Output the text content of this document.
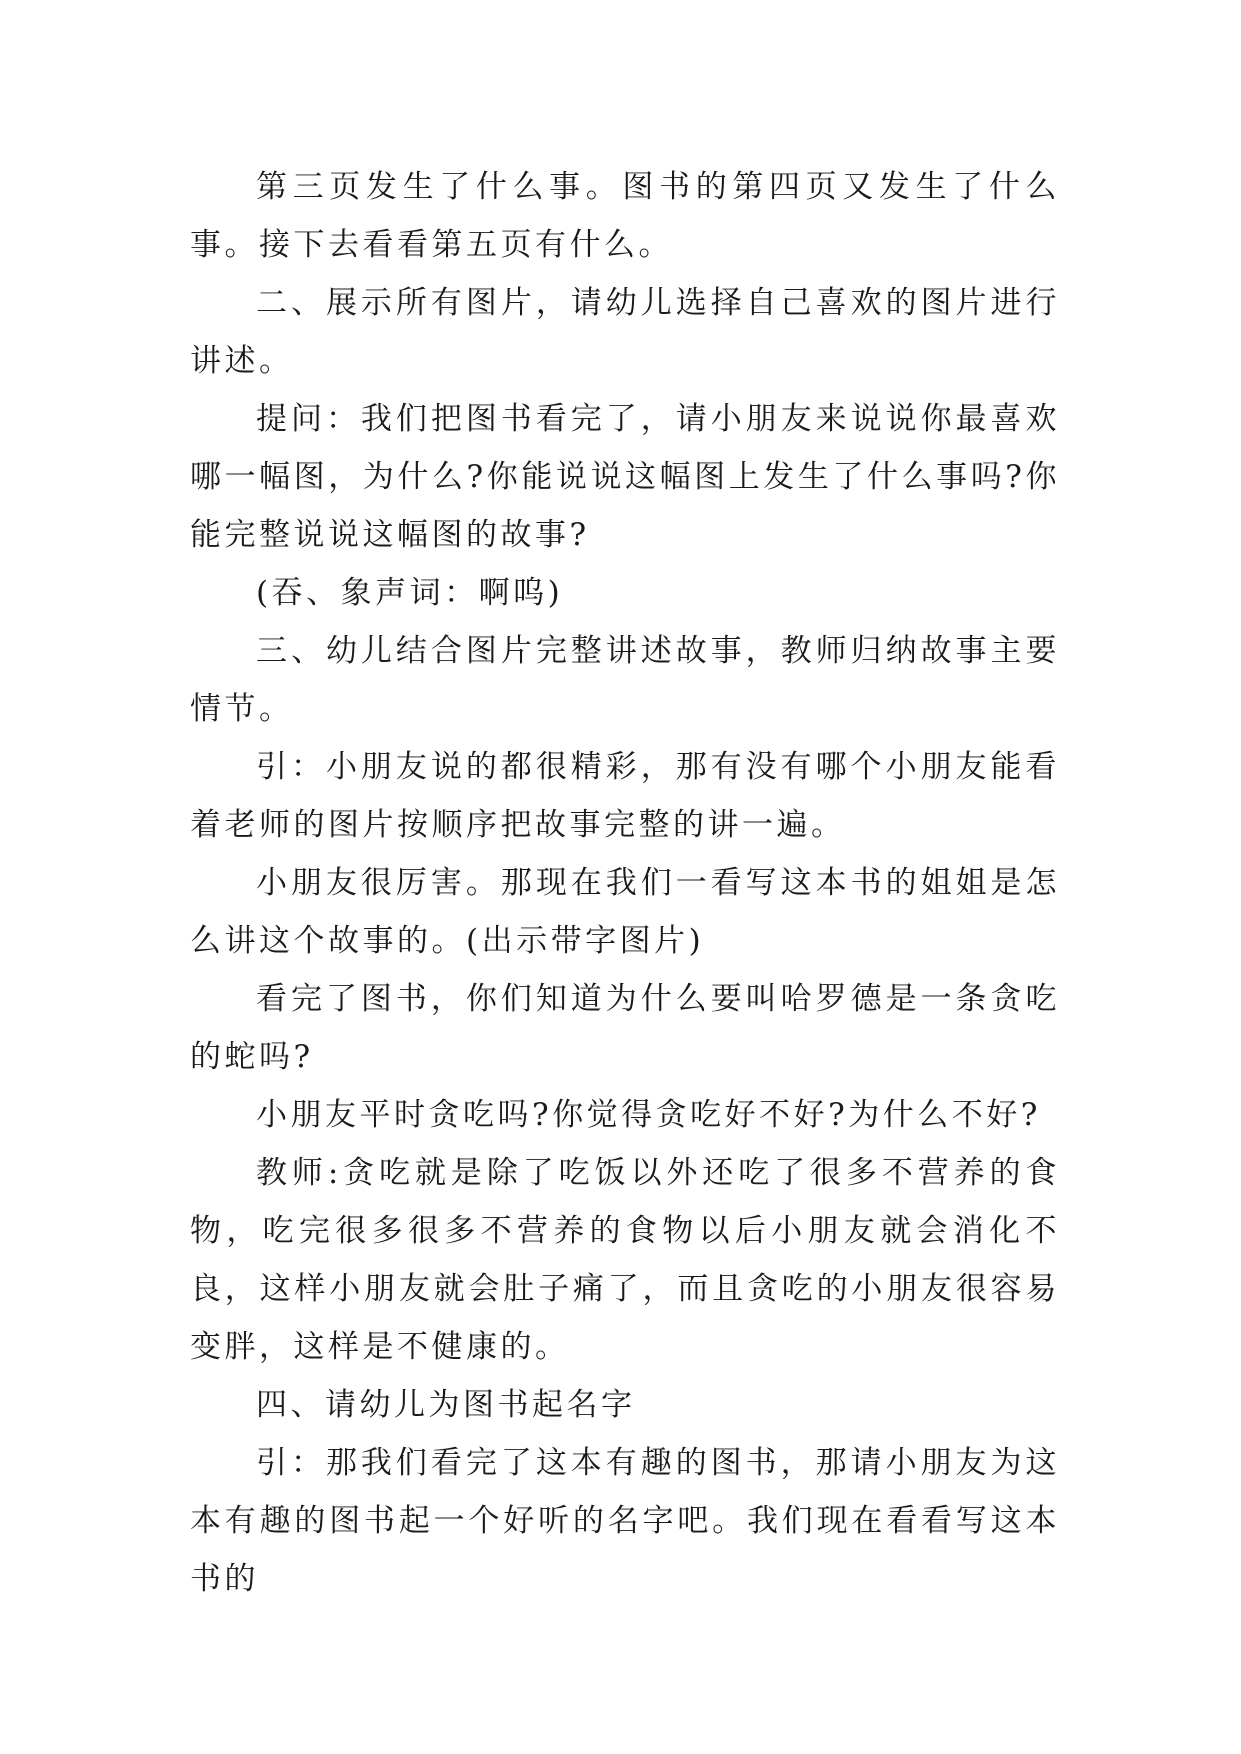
第三页发生了什么事。图书的第四页又发生了什么事。接下去看看第五页有什么。

二、展示所有图片，请幼儿选择自己喜欢的图片进行讲述。

提问：我们把图书看完了，请小朋友来说说你最喜欢哪一幅图，为什么?你能说说这幅图上发生了什么事吗?你能完整说说这幅图的故事?

(吞、象声词：啊呜)

三、幼儿结合图片完整讲述故事，教师归纳故事主要情节。

引：小朋友说的都很精彩，那有没有哪个小朋友能看着老师的图片按顺序把故事完整的讲一遍。

小朋友很厉害。那现在我们一看写这本书的姐姐是怎么讲这个故事的。(出示带字图片)

看完了图书，你们知道为什么要叫哈罗德是一条贪吃的蛇吗?

小朋友平时贪吃吗?你觉得贪吃好不好?为什么不好?

教师:贪吃就是除了吃饭以外还吃了很多不营养的食物，吃完很多很多不营养的食物以后小朋友就会消化不良，这样小朋友就会肚子痛了，而且贪吃的小朋友很容易变胖，这样是不健康的。

四、请幼儿为图书起名字

引：那我们看完了这本有趣的图书，那请小朋友为这本有趣的图书起一个好听的名字吧。我们现在看看写这本书的
